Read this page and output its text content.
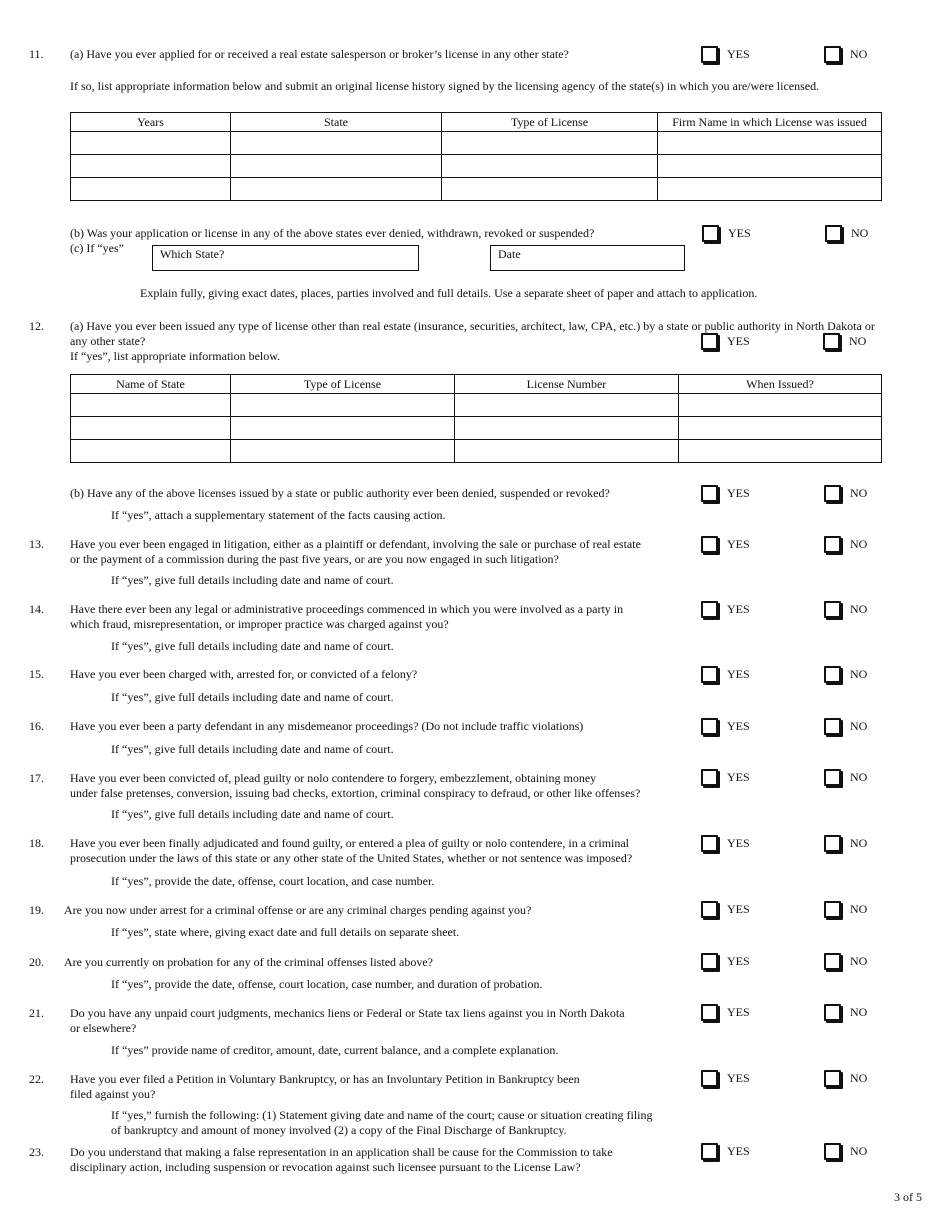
11. (a) Have you ever applied for or received a real estate salesperson or broker’s license in any other state?	YES	NO
If so, list appropriate information below and submit an original license history signed by the licensing agency of the state(s) in which you are/were licensed.
Years	State	Type of License	Firm Name in which License was issued

(b) Was your application or license in any of the above states ever denied, withdrawn, revoked or suspended?	YES	NO
(c) If “yes”	Which State?	Date
Explain fully, giving exact dates, places, parties involved and full details. Use a separate sheet of paper and attach to application.
12. (a) Have you ever been issued any type of license other than real estate (insurance, securities, architect, law, CPA, etc.) by a state or public authority in North Dakota or
any other state?
If “yes”, list appropriate information below.
YES	NO
Name of State	Type of License	License Number	When Issued?

(b) Have any of the above licenses issued by a state or public authority ever been denied, suspended or revoked?	YES	NO
If “yes”, attach a supplementary statement of the facts causing action.
13. Have you ever been engaged in litigation, either as a plaintiff or defendant, involving the sale or purchase of real estate
or the payment of a commission during the past five years, or are you now engaged in such litigation?
YES	NO
If “yes”, give full details including date and name of court.
14. Have there ever been any legal or administrative proceedings commenced in which you were involved as a party in
which fraud, misrepresentation, or improper practice was charged against you?
YES	NO
If “yes”, give full details including date and name of court.
15. Have you ever been charged with, arrested for, or convicted of a felony?	YES	NO
If “yes”, give full details including date and name of court.
16. Have you ever been a party defendant in any misdemeanor proceedings? (Do not include traffic violations)	YES	NO
If “yes”, give full details including date and name of court.
17. Have you ever been convicted of, plead guilty or nolo contendere to forgery, embezzlement, obtaining money
under false pretenses, conversion, issuing bad checks, extortion, criminal conspiracy to defraud, or other like offenses?
YES	NO
If “yes”, give full details including date and name of court.
18. Have you ever been finally adjudicated and found guilty, or entered a plea of guilty or nolo contendere, in a criminal
prosecution under the laws of this state or any other state of the United States, whether or not sentence was imposed?
YES	NO
If “yes”, provide the date, offense, court location, and case number.
19. Are you now under arrest for a criminal offense or are any criminal charges pending against you?	YES	NO
If “yes”, state where, giving exact date and full details on separate sheet.
20. Are you currently on probation for any of the criminal offenses listed above?	YES	NO
If “yes”, provide the date, offense, court location, case number, and duration of probation.
21. Do you have any unpaid court judgments, mechanics liens or Federal or State tax liens against you in North Dakota
or elsewhere?
YES	NO
If “yes” provide name of creditor, amount, date, current balance, and a complete explanation.
22. Have you ever filed a Petition in Voluntary Bankruptcy, or has an Involuntary Petition in Bankruptcy been
filed against you?
YES	NO
If “yes,” furnish the following: (1) Statement giving date and name of the court; cause or situation creating filing
of bankruptcy and amount of money involved (2) a copy of the Final Discharge of Bankruptcy.
23. Do you understand that making a false representation in an application shall be cause for the Commission to take
disciplinary action, including suspension or revocation against such licensee pursuant to the License Law?
YES	NO
3 of 5
